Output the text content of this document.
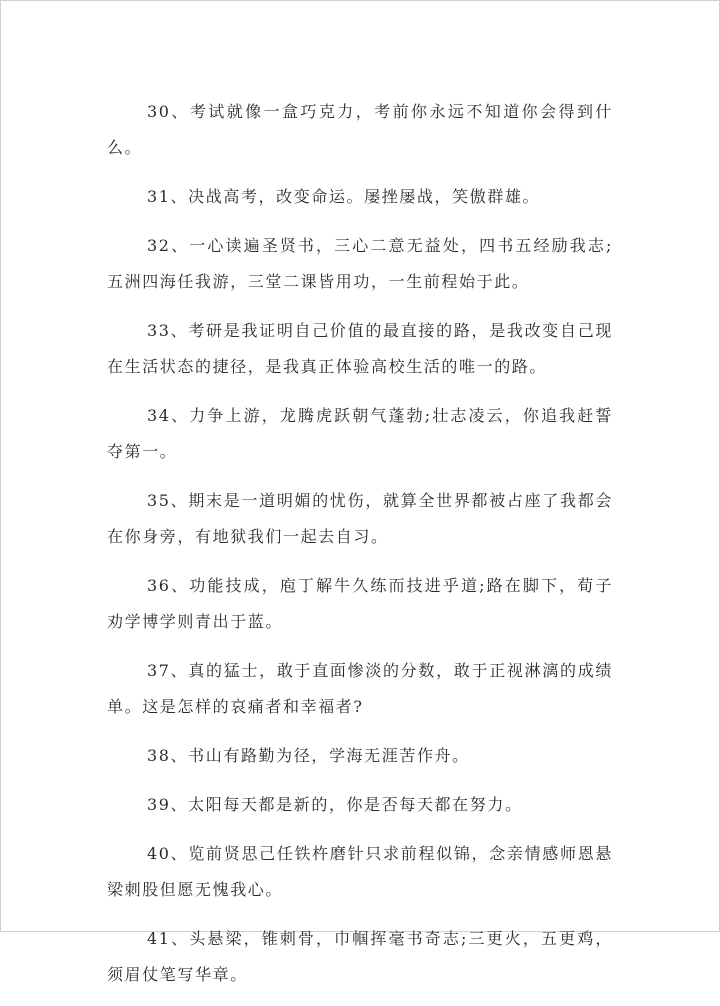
30、考试就像一盒巧克力，考前你永远不知道你会得到什么。

31、决战高考，改变命运。屡挫屡战，笑傲群雄。

32、一心读遍圣贤书，三心二意无益处，四书五经励我志;五洲四海任我游，三堂二课皆用功，一生前程始于此。

33、考研是我证明自己价值的最直接的路，是我改变自己现在生活状态的捷径，是我真正体验高校生活的唯一的路。

34、力争上游，龙腾虎跃朝气蓬勃;壮志凌云，你追我赶誓夺第一。

35、期末是一道明媚的忧伤，就算全世界都被占座了我都会在你身旁，有地狱我们一起去自习。

36、功能技成，庖丁解牛久练而技进乎道;路在脚下，荀子劝学博学则青出于蓝。

37、真的猛士，敢于直面惨淡的分数，敢于正视淋漓的成绩单。这是怎样的哀痛者和幸福者?

38、书山有路勤为径，学海无涯苦作舟。

39、太阳每天都是新的，你是否每天都在努力。

40、览前贤思己任铁杵磨针只求前程似锦，念亲情感师恩悬梁刺股但愿无愧我心。

41、头悬梁，锥刺骨，巾帼挥毫书奇志;三更火，五更鸡，须眉仗笔写华章。
